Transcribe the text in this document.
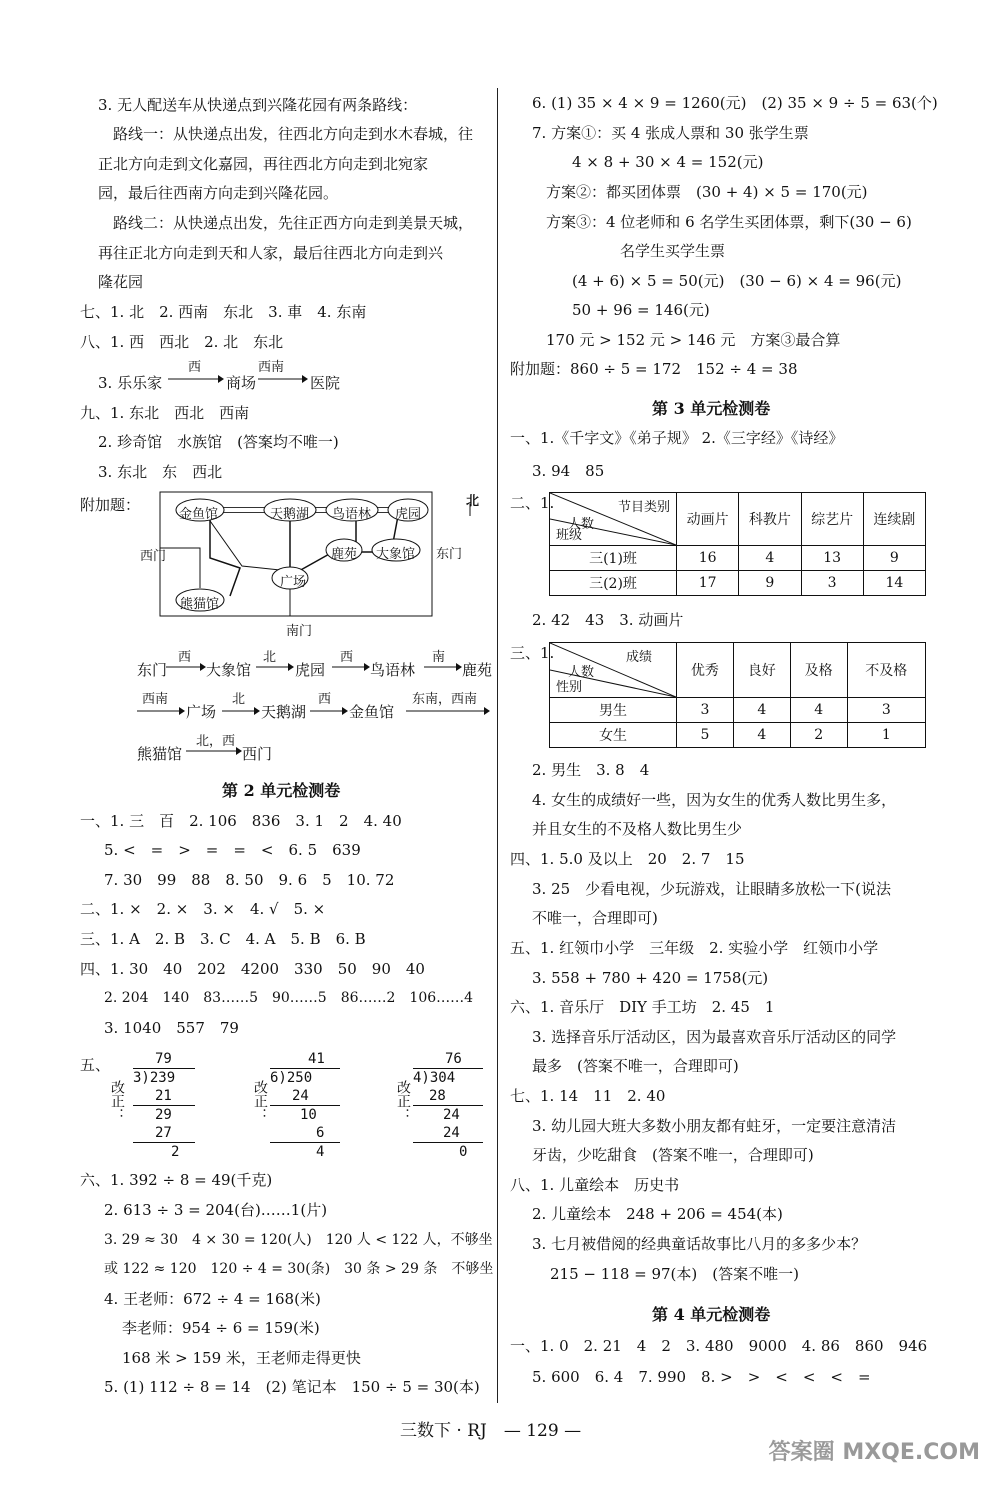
3. 无人配送车从快递点到兴隆花园有两条路线：
路线一：从快递点出发，往西北方向走到水木春城，往
正北方向走到文化嘉园，再往西北方向走到北宛家
园，最后往西南方向走到兴隆花园。
路线二：从快递点出发，先往正西方向走到美景天城，
再往正北方向走到天和人家，最后往西北方向走到兴
隆花园
七、1. 北　2. 西南　东北　3. 車　4. 东南
八、1. 西　西北　2. 北　东北
3. 乐乐家
西
商场
西南
医院
九、1. 东北　西北　西南
2. 珍奇馆　水族馆　(答案均不唯一)
3. 东北　东　西北
附加题：
金鱼馆	天鹅湖 鸟语林 虎园
鹿苑 大象馆
广场
熊猫馆
西门	东门
南门
北
东门
西
大象馆
北
虎园
西
鸟语林
南
鹿苑
西南
广场
北
天鹅湖
西
金鱼馆
东南，西南
熊猫馆
北，西
西门
第 2 单元检测卷
一、1. 三　百　2. 106　836　3. 1　2　4. 40
5. <　=　>　=　=　<　6. 5　639
7. 30　99　88　8. 50　9. 6　5　10. 72
二、1. ×　2. ×　3. ×　4. √　5. ×
三、1. A　2. B　3. C　4. A　5. B　6. B
四、1. 30　40　202　4200　330　50　90　40
2. 204　140　83……5　90……5　86……2　106……4
3. 1040　557　79
五、
改正：
79
3)239
21
29
27
2
改正：
41
6)250
24
10
6
4
改正：
76
4)304
28
24
24
0
六、1. 392 ÷ 8 = 49(千克)
2. 613 ÷ 3 = 204(台)……1(片)
3. 29 ≈ 30　4 × 30 = 120(人)　120 人 < 122 人，不够坐
或 122 ≈ 120　120 ÷ 4 = 30(条)　30 条 > 29 条　不够坐
4. 王老师：672 ÷ 4 = 168(米)
李老师：954 ÷ 6 = 159(米)
168 米 > 159 米，王老师走得更快
5. (1) 112 ÷ 8 = 14　(2) 笔记本　150 ÷ 5 = 30(本)
6. (1) 35 × 4 × 9 = 1260(元)　(2) 35 × 9 ÷ 5 = 63(个)
7. 方案①：买 4 张成人票和 30 张学生票
4 × 8 + 30 × 4 = 152(元)
方案②：都买团体票　(30 + 4) × 5 = 170(元)
方案③：4 位老师和 6 名学生买团体票，剩下(30 − 6)
名学生买学生票
(4 + 6) × 5 = 50(元)　(30 − 6) × 4 = 96(元)
50 + 96 = 146(元)
170 元 > 152 元 > 146 元　方案③最合算
附加题：860 ÷ 5 = 172　152 ÷ 4 = 38
第 3 单元检测卷
一、1.《千字文》《弟子规》 2.《三字经》《诗经》
3. 94　85
二、1.	节目类别
人数
班级	动画片	科教片	综艺片	连续剧
三(1)班	16	4	13	9
三(2)班	17	9	3	14
2. 42　43　3. 动画片
三、1.	成绩
人数
性别	优秀	良好	及格	不及格
男生	3	4	4	3
女生	5	4	2	1
2. 男生　3. 8　4
4. 女生的成绩好一些，因为女生的优秀人数比男生多，
并且女生的不及格人数比男生少
四、1. 5.0 及以上　20　2. 7　15
3. 25　少看电视，少玩游戏，让眼睛多放松一下(说法
不唯一，合理即可)
五、1. 红领巾小学　三年级　2. 实验小学　红领巾小学
3. 558 + 780 + 420 = 1758(元)
六、1. 音乐厅　DIY 手工坊　2. 45　1
3. 选择音乐厅活动区，因为最喜欢音乐厅活动区的同学
最多　(答案不唯一，合理即可)
七、1. 14　11　2. 40
3. 幼儿园大班大多数小朋友都有蛀牙，一定要注意清洁
牙齿，少吃甜食　(答案不唯一，合理即可)
八、1. 儿童绘本　历史书
2. 儿童绘本　248 + 206 = 454(本)
3. 七月被借阅的经典童话故事比八月的多多少本？
215 − 118 = 97(本)　(答案不唯一)
第 4 单元检测卷
一、1. 0　2. 21　4　2　3. 480　9000　4. 86　860　946
5. 600　6. 4　7. 990　8. >　>　<　<　<　=
三数下 · RJ　— 129 —
答案圈 MXQE.COM
